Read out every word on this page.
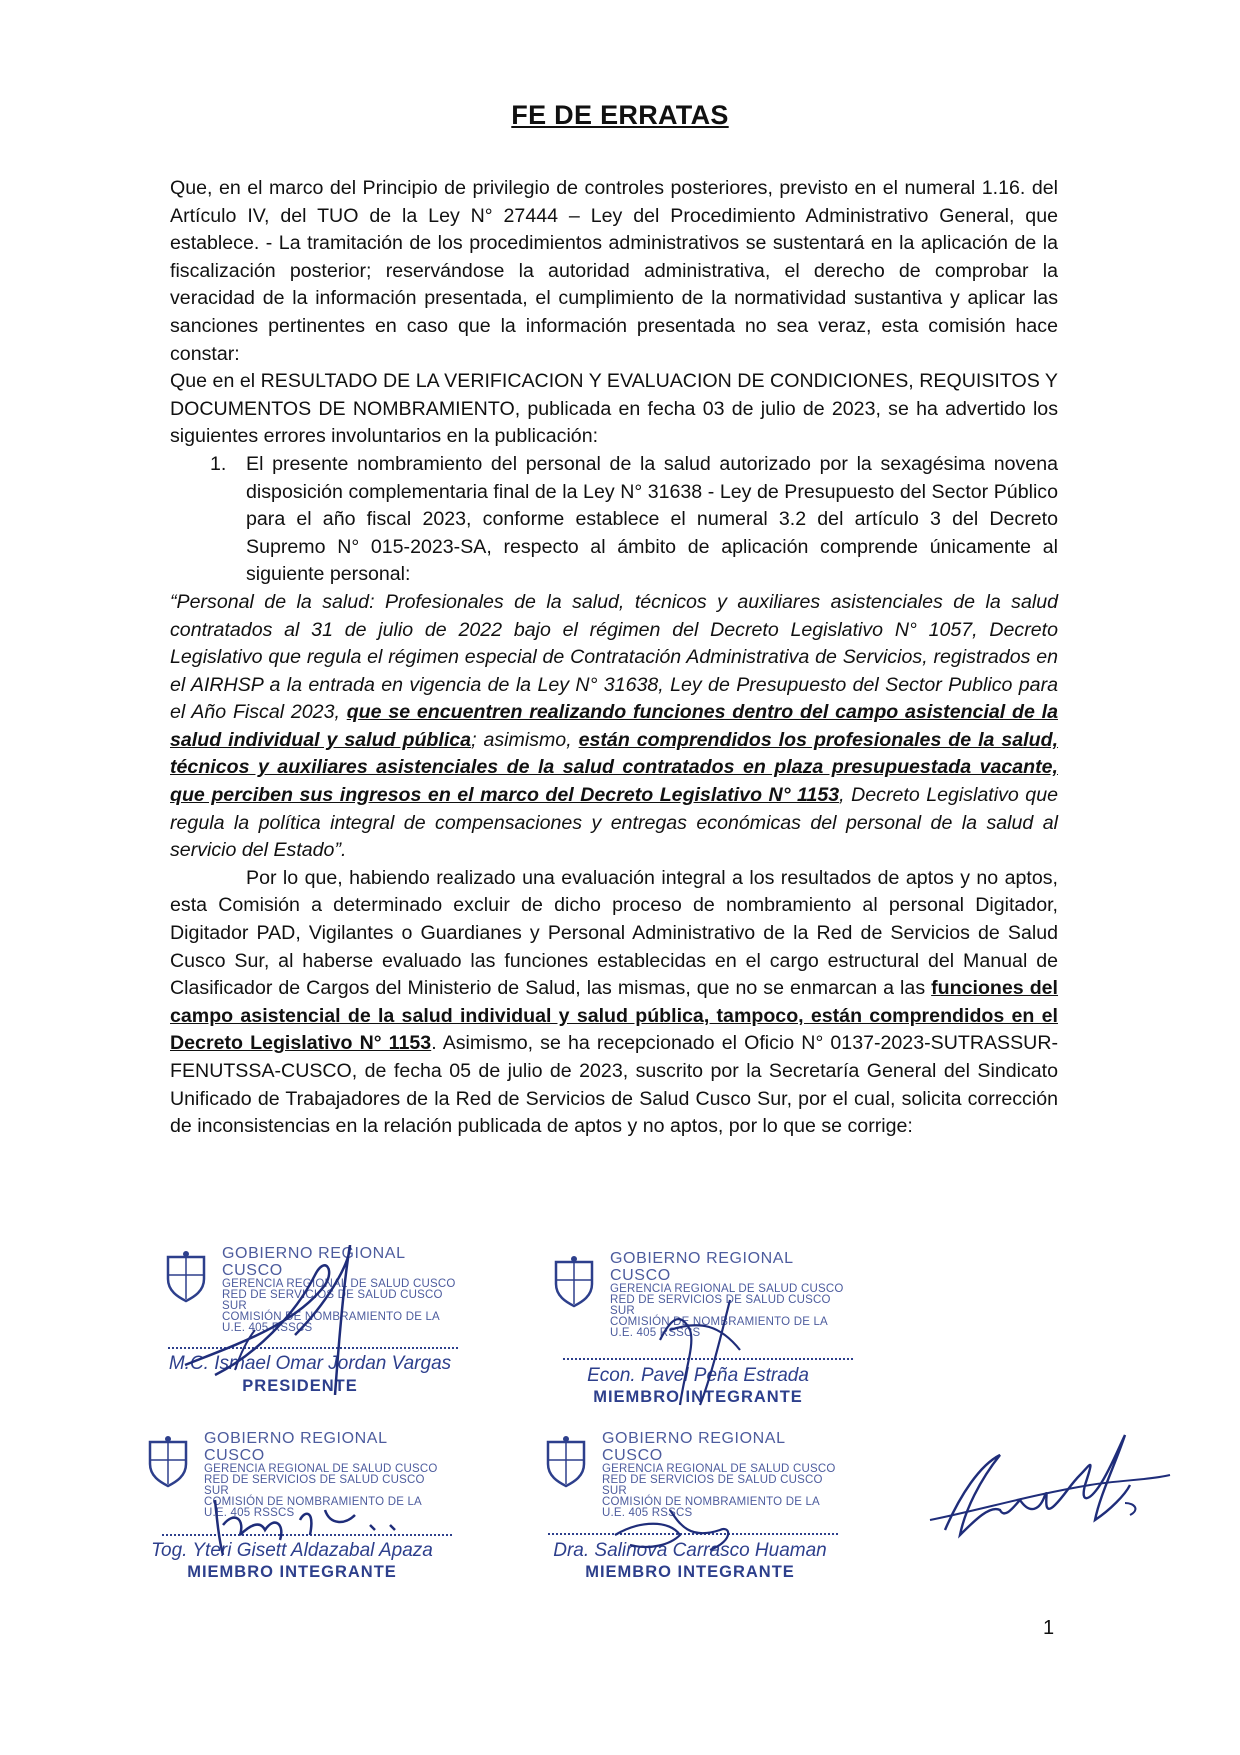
FE DE ERRATAS

Que, en el marco del Principio de privilegio de controles posteriores, previsto en el numeral 1.16. del Artículo IV, del TUO de la Ley N° 27444 – Ley del Procedimiento Administrativo General, que establece. - La tramitación de los procedimientos administrativos se sustentará en la aplicación de la fiscalización posterior; reservándose la autoridad administrativa, el derecho de comprobar la veracidad de la información presentada, el cumplimiento de la normatividad sustantiva y aplicar las sanciones pertinentes en caso que la información presentada no sea veraz, esta comisión hace constar:

Que en el RESULTADO DE LA VERIFICACION Y EVALUACION DE CONDICIONES, REQUISITOS Y DOCUMENTOS DE NOMBRAMIENTO, publicada en fecha 03 de julio de 2023, se ha advertido los siguientes errores involuntarios en la publicación:

1. El presente nombramiento del personal de la salud autorizado por la sexagésima novena disposición complementaria final de la Ley N° 31638 - Ley de Presupuesto del Sector Público para el año fiscal 2023, conforme establece el numeral 3.2 del artículo 3 del Decreto Supremo N° 015-2023-SA, respecto al ámbito de aplicación comprende únicamente al siguiente personal:

“Personal de la salud: Profesionales de la salud, técnicos y auxiliares asistenciales de la salud contratados al 31 de julio de 2022 bajo el régimen del Decreto Legislativo N° 1057, Decreto Legislativo que regula el régimen especial de Contratación Administrativa de Servicios, registrados en el AIRHSP a la entrada en vigencia de la Ley N° 31638, Ley de Presupuesto del Sector Publico para el Año Fiscal 2023, que se encuentren realizando funciones dentro del campo asistencial de la salud individual y salud pública; asimismo, están comprendidos los profesionales de la salud, técnicos y auxiliares asistenciales de la salud contratados en plaza presupuestada vacante, que perciben sus ingresos en el marco del Decreto Legislativo N° 1153, Decreto Legislativo que regula la política integral de compensaciones y entregas económicas del personal de la salud al servicio del Estado”.

Por lo que, habiendo realizado una evaluación integral a los resultados de aptos y no aptos, esta Comisión a determinado excluir de dicho proceso de nombramiento al personal Digitador, Digitador PAD, Vigilantes o Guardianes y Personal Administrativo de la Red de Servicios de Salud Cusco Sur, al haberse evaluado las funciones establecidas en el cargo estructural del Manual de Clasificador de Cargos del Ministerio de Salud, las mismas, que no se enmarcan a las funciones del campo asistencial de la salud individual y salud pública, tampoco, están comprendidos en el Decreto Legislativo N° 1153. Asimismo, se ha recepcionado el Oficio N° 0137-2023-SUTRASSUR-FENUTSSA-CUSCO, de fecha 05 de julio de 2023, suscrito por la Secretaría General del Sindicato Unificado de Trabajadores de la Red de Servicios de Salud Cusco Sur, por el cual, solicita corrección de inconsistencias en la relación publicada de aptos y no aptos, por lo que se corrige:

GOBIERNO REGIONAL CUSCO
GERENCIA REGIONAL DE SALUD CUSCO
RED DE SERVICIOS DE SALUD CUSCO SUR
COMISIÓN DE NOMBRAMIENTO DE LA
U.E. 405 RSSCS
M.C. Ismael Omar Jordan Vargas
PRESIDENTE
GOBIERNO REGIONAL CUSCO
GERENCIA REGIONAL DE SALUD CUSCO
RED DE SERVICIOS DE SALUD CUSCO SUR
COMISIÓN DE NOMBRAMIENTO DE LA
U.E. 405 RSSCS
Econ. Pavel Peña Estrada
MIEMBRO INTEGRANTE
GOBIERNO REGIONAL CUSCO
GERENCIA REGIONAL DE SALUD CUSCO
RED DE SERVICIOS DE SALUD CUSCO SUR
COMISIÓN DE NOMBRAMIENTO DE LA
U.E. 405 RSSCS
Tog. Yteri Gisett Aldazabal Apaza
MIEMBRO INTEGRANTE
GOBIERNO REGIONAL CUSCO
GERENCIA REGIONAL DE SALUD CUSCO
RED DE SERVICIOS DE SALUD CUSCO SUR
COMISIÓN DE NOMBRAMIENTO DE LA
U.E. 405 RSSCS
Dra. Salinova Carrasco Huaman
MIEMBRO INTEGRANTE
1
